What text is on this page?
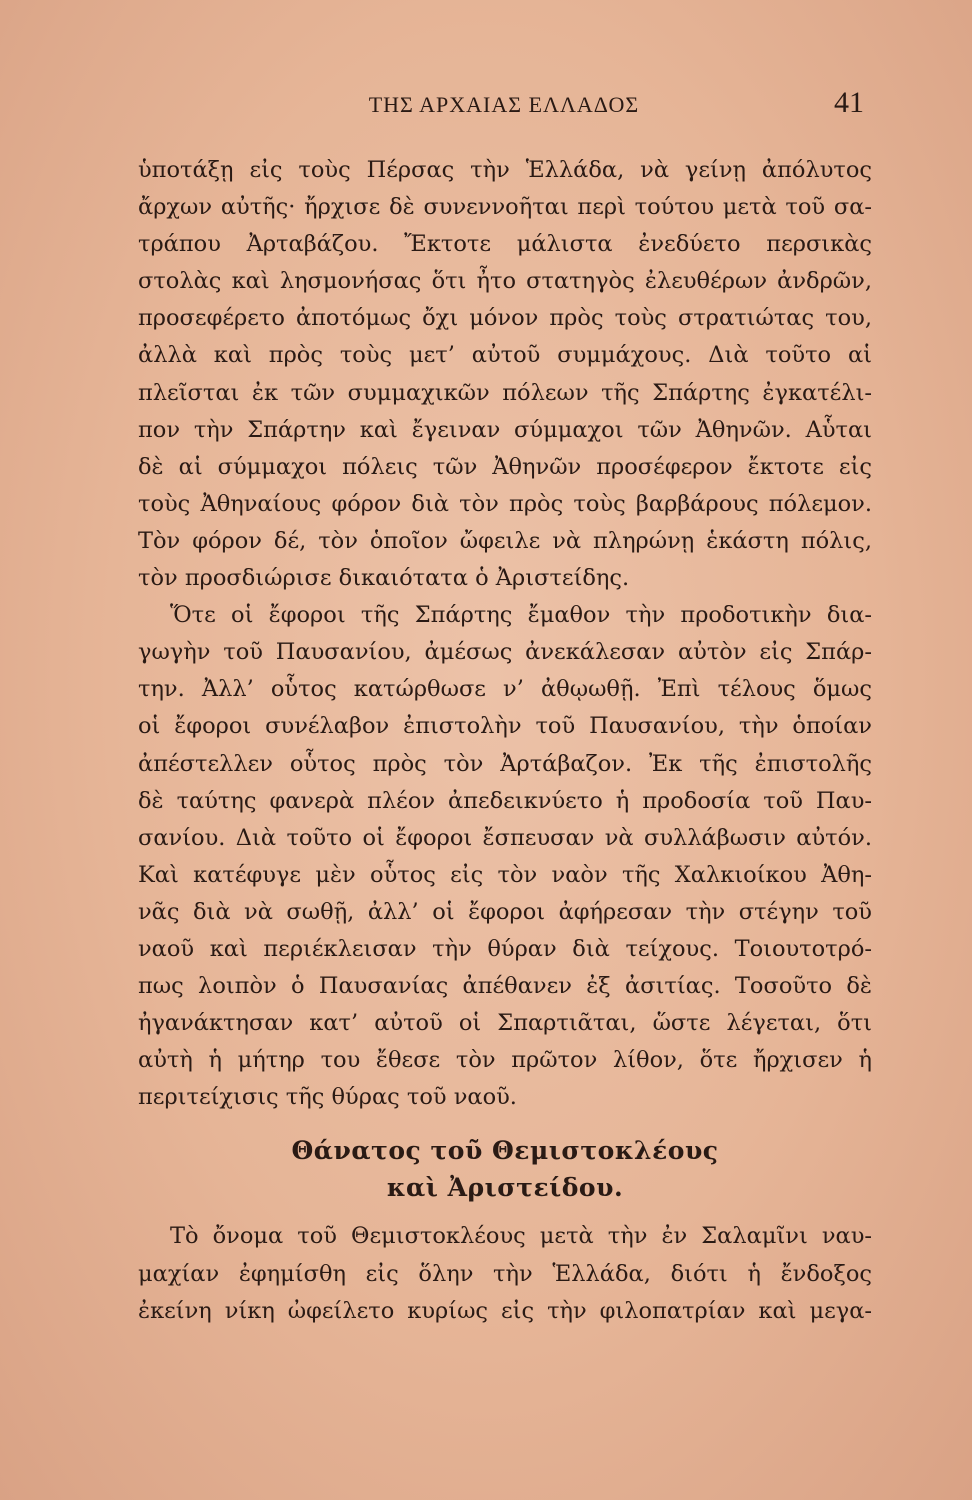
ΤΗΣ ΑΡΧΑΙΑΣ ΕΛΛΑΔΟΣ	41
ὑποτάξῃ εἰς τοὺς Πέρσας τὴν Ἑλλάδα, νὰ γείνῃ ἀπόλυτος
ἄρχων αὐτῆς· ἤρχισε δὲ συνεννοῆται περὶ τούτου μετὰ τοῦ σα-
τράπου Ἀρταβάζου. Ἔκτοτε μάλιστα ἐνεδύετο περσικὰς
στολὰς καὶ λησμονήσας ὅτι ἦτο στατηγὸς ἐλευθέρων ἀνδρῶν,
προσεφέρετο ἀποτόμως ὄχι μόνον πρὸς τοὺς στρατιώτας του,
ἀλλὰ καὶ πρὸς τοὺς μετ’ αὐτοῦ συμμάχους. Διὰ τοῦτο αἱ
πλεῖσται ἐκ τῶν συμμαχικῶν πόλεων τῆς Σπάρτης ἐγκατέλι-
πον τὴν Σπάρτην καὶ ἔγειναν σύμμαχοι τῶν Ἀθηνῶν. Αὗται
δὲ αἱ σύμμαχοι πόλεις τῶν Ἀθηνῶν προσέφερον ἔκτοτε εἰς
τοὺς Ἀθηναίους φόρον διὰ τὸν πρὸς τοὺς βαρβάρους πόλεμον.
Τὸν φόρον δέ, τὸν ὁποῖον ὤφειλε νὰ πληρώνῃ ἑκάστη πόλις,
τὸν προσδιώρισε δικαιότατα ὁ Ἀριστείδης.
Ὅτε οἱ ἔφοροι τῆς Σπάρτης ἔμαθον τὴν προδοτικὴν δια-
γωγὴν τοῦ Παυσανίου, ἀμέσως ἀνεκάλεσαν αὐτὸν εἰς Σπάρ-
την. Ἀλλ’ οὗτος κατώρθωσε ν’ ἀθῳωθῇ. Ἐπὶ τέλους ὅμως
οἱ ἔφοροι συνέλαβον ἐπιστολὴν τοῦ Παυσανίου, τὴν ὁποίαν
ἀπέστελλεν οὗτος πρὸς τὸν Ἀρτάβαζον. Ἐκ τῆς ἐπιστολῆς
δὲ ταύτης φανερὰ πλέον ἀπεδεικνύετο ἡ προδοσία τοῦ Παυ-
σανίου. Διὰ τοῦτο οἱ ἔφοροι ἔσπευσαν νὰ συλλάβωσιν αὐτόν.
Καὶ κατέφυγε μὲν οὗτος εἰς τὸν ναὸν τῆς Χαλκιοίκου Ἀθη-
νᾶς διὰ νὰ σωθῇ, ἀλλ’ οἱ ἔφοροι ἀφήρεσαν τὴν στέγην τοῦ
ναοῦ καὶ περιέκλεισαν τὴν θύραν διὰ τείχους. Τοιουτοτρό-
πως λοιπὸν ὁ Παυσανίας ἀπέθανεν ἐξ ἀσιτίας. Τοσοῦτο δὲ
ἠγανάκτησαν κατ’ αὐτοῦ οἱ Σπαρτιᾶται, ὥστε λέγεται, ὅτι
αὐτὴ ἡ μήτηρ του ἔθεσε τὸν πρῶτον λίθον, ὅτε ἤρχισεν ἡ
περιτείχισις τῆς θύρας τοῦ ναοῦ.
Θάνατος τοῦ Θεμιστοκλέους
καὶ Ἀριστείδου.
Τὸ ὄνομα τοῦ Θεμιστοκλέους μετὰ τὴν ἐν Σαλαμῖνι ναυ-
μαχίαν ἐφημίσθη εἰς ὅλην τὴν Ἑλλάδα, διότι ἡ ἔνδοξος
ἐκείνη νίκη ὠφείλετο κυρίως εἰς τὴν φιλοπατρίαν καὶ μεγα-
